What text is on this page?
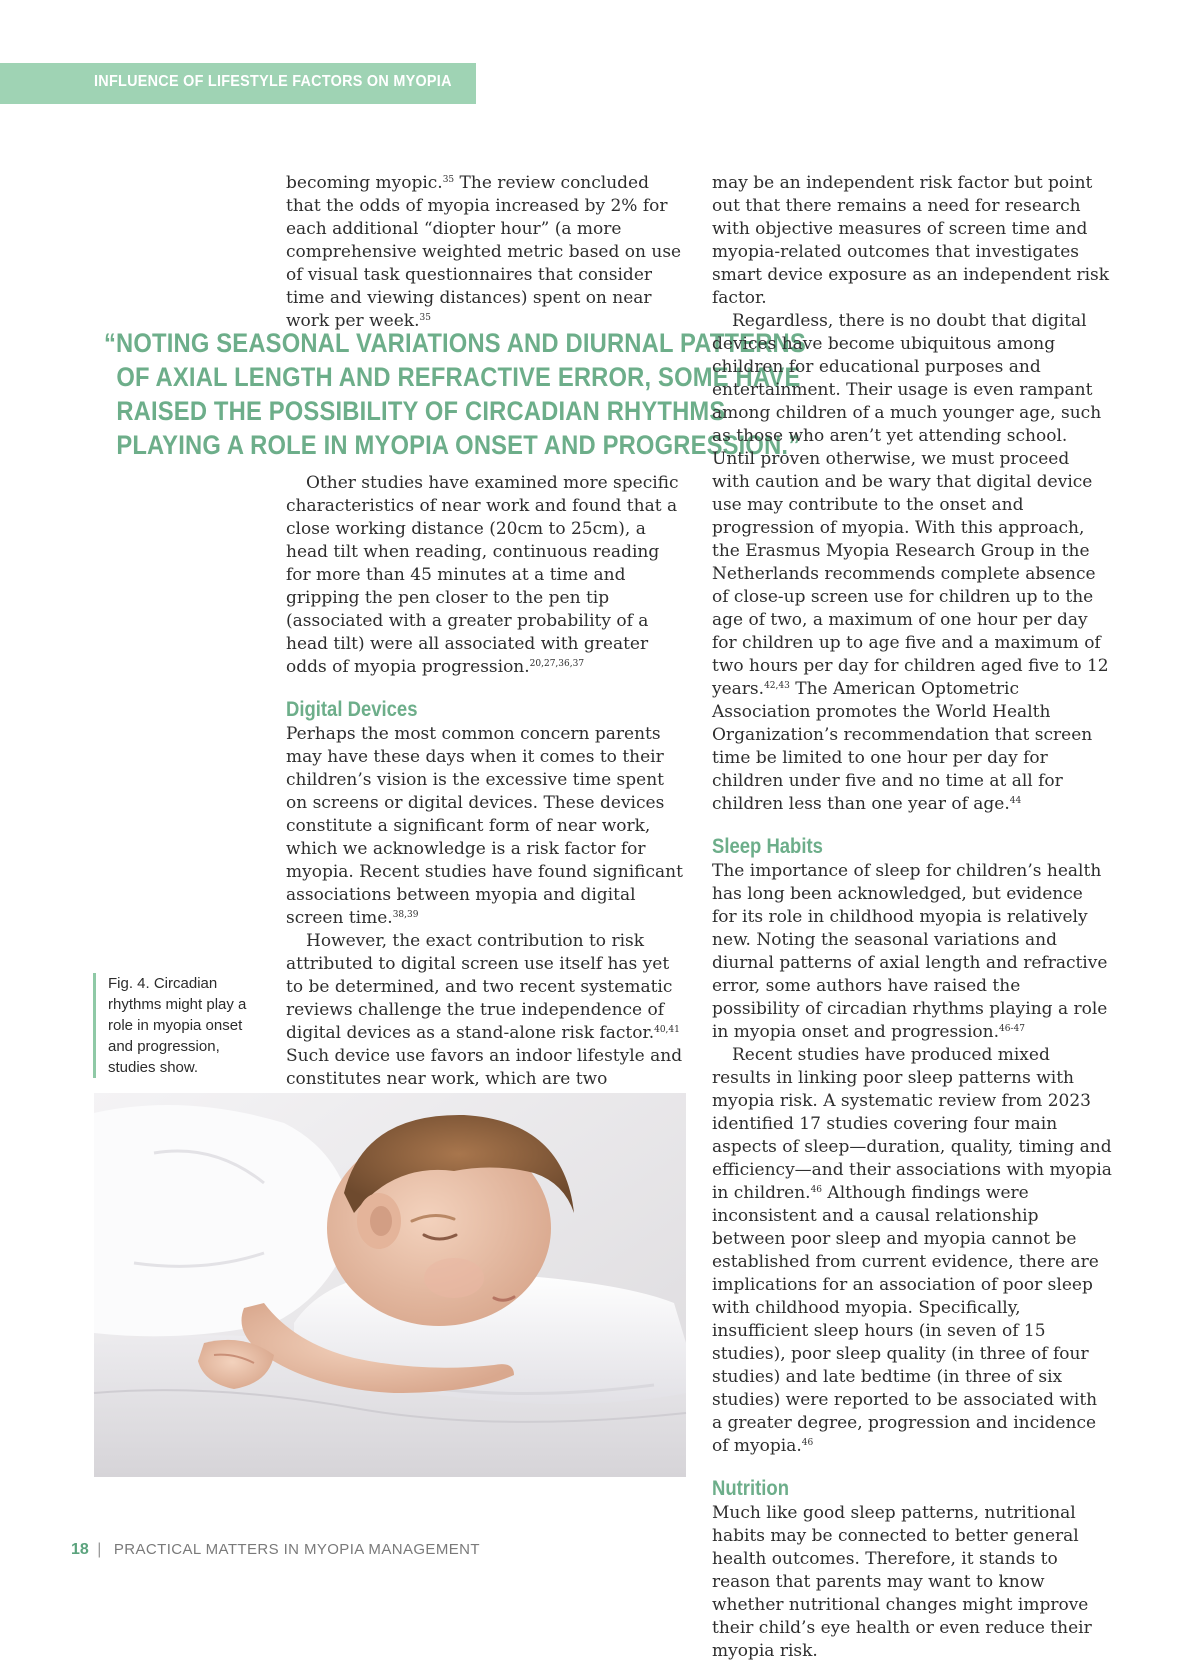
INFLUENCE OF LIFESTYLE FACTORS ON MYOPIA

becoming myopic.$^{35}$ The review concluded that the odds of myopia increased by 2% for each additional “diopter hour” (a more comprehensive weighted metric based on use of visual task questionnaires that consider time and viewing distances) spent on near work per week.$^{35}$

“NOTING SEASONAL VARIATIONS AND DIURNAL PATTERNS
OF AXIAL LENGTH AND REFRACTIVE ERROR, SOME HAVE
RAISED THE POSSIBILITY OF CIRCADIAN RHYTHMS
PLAYING A ROLE IN MYOPIA ONSET AND PROGRESSION.”

Other studies have examined more specific characteristics of near work and found that a close working distance (20cm to 25cm), a head tilt when reading, continuous reading for more than 45 minutes at a time and gripping the pen closer to the pen tip (associated with a greater probability of a head tilt) were all associated with greater odds of myopia progression.$^{20,27,36,37}$

Digital Devices

Perhaps the most common concern parents may have these days when it comes to their children’s vision is the excessive time spent on screens or digital devices. These devices constitute a significant form of near work, which we acknowledge is a risk factor for myopia. Recent studies have found significant associations between myopia and digital screen time.$^{38,39}$

However, the exact contribution to risk attributed to digital screen use itself has yet to be determined, and two recent systematic reviews challenge the true independence of digital devices as a stand-alone risk factor.$^{40,41}$ Such device use favors an indoor lifestyle and constitutes near work, which are two

may be an independent risk factor but point out that there remains a need for research with objective measures of screen time and myopia-related outcomes that investigates smart device exposure as an independent risk factor.

Regardless, there is no doubt that digital devices have become ubiquitous among children for educational purposes and entertainment. Their usage is even rampant among children of a much younger age, such as those who aren’t yet attending school. Until proven otherwise, we must proceed with caution and be wary that digital device use may contribute to the onset and progression of myopia. With this approach, the Erasmus Myopia Research Group in the Netherlands recommends complete absence of close-up screen use for children up to the age of two, a maximum of one hour per day for children up to age five and a maximum of two hours per day for children aged five to 12 years.$^{42,43}$ The American Optometric Association promotes the World Health Organization’s recommendation that screen time be limited to one hour per day for children under five and no time at all for children less than one year of age.$^{44}$

Sleep Habits

The importance of sleep for children’s health has long been acknowledged, but evidence for its role in childhood myopia is relatively new. Noting the seasonal variations and diurnal patterns of axial length and refractive error, some authors have raised the possibility of circadian rhythms playing a role in myopia onset and progression.$^{46-47}$

Recent studies have produced mixed results in linking poor sleep patterns with myopia risk. A systematic review from 2023 identified 17 studies covering four main aspects of sleep—duration, quality, timing and efficiency—and their associations with myopia in children.$^{46}$ Although findings were inconsistent and a causal relationship between poor sleep and myopia cannot be established from current evidence, there are implications for an association of poor sleep with childhood myopia. Specifically, insufficient sleep hours (in seven of 15 studies), poor sleep quality (in three of four studies) and late bedtime (in three of six studies) were reported to be associated with a greater degree, progression and incidence of myopia.$^{46}$

Nutrition

Much like good sleep patterns, nutritional habits may be connected to better general health outcomes. Therefore, it stands to reason that parents may want to know whether nutritional changes might improve their child’s eye health or even reduce their myopia risk.

Fig. 4. Circadian rhythms might play a role in myopia onset and progression, studies show.
18 | PRACTICAL MATTERS IN MYOPIA MANAGEMENT
